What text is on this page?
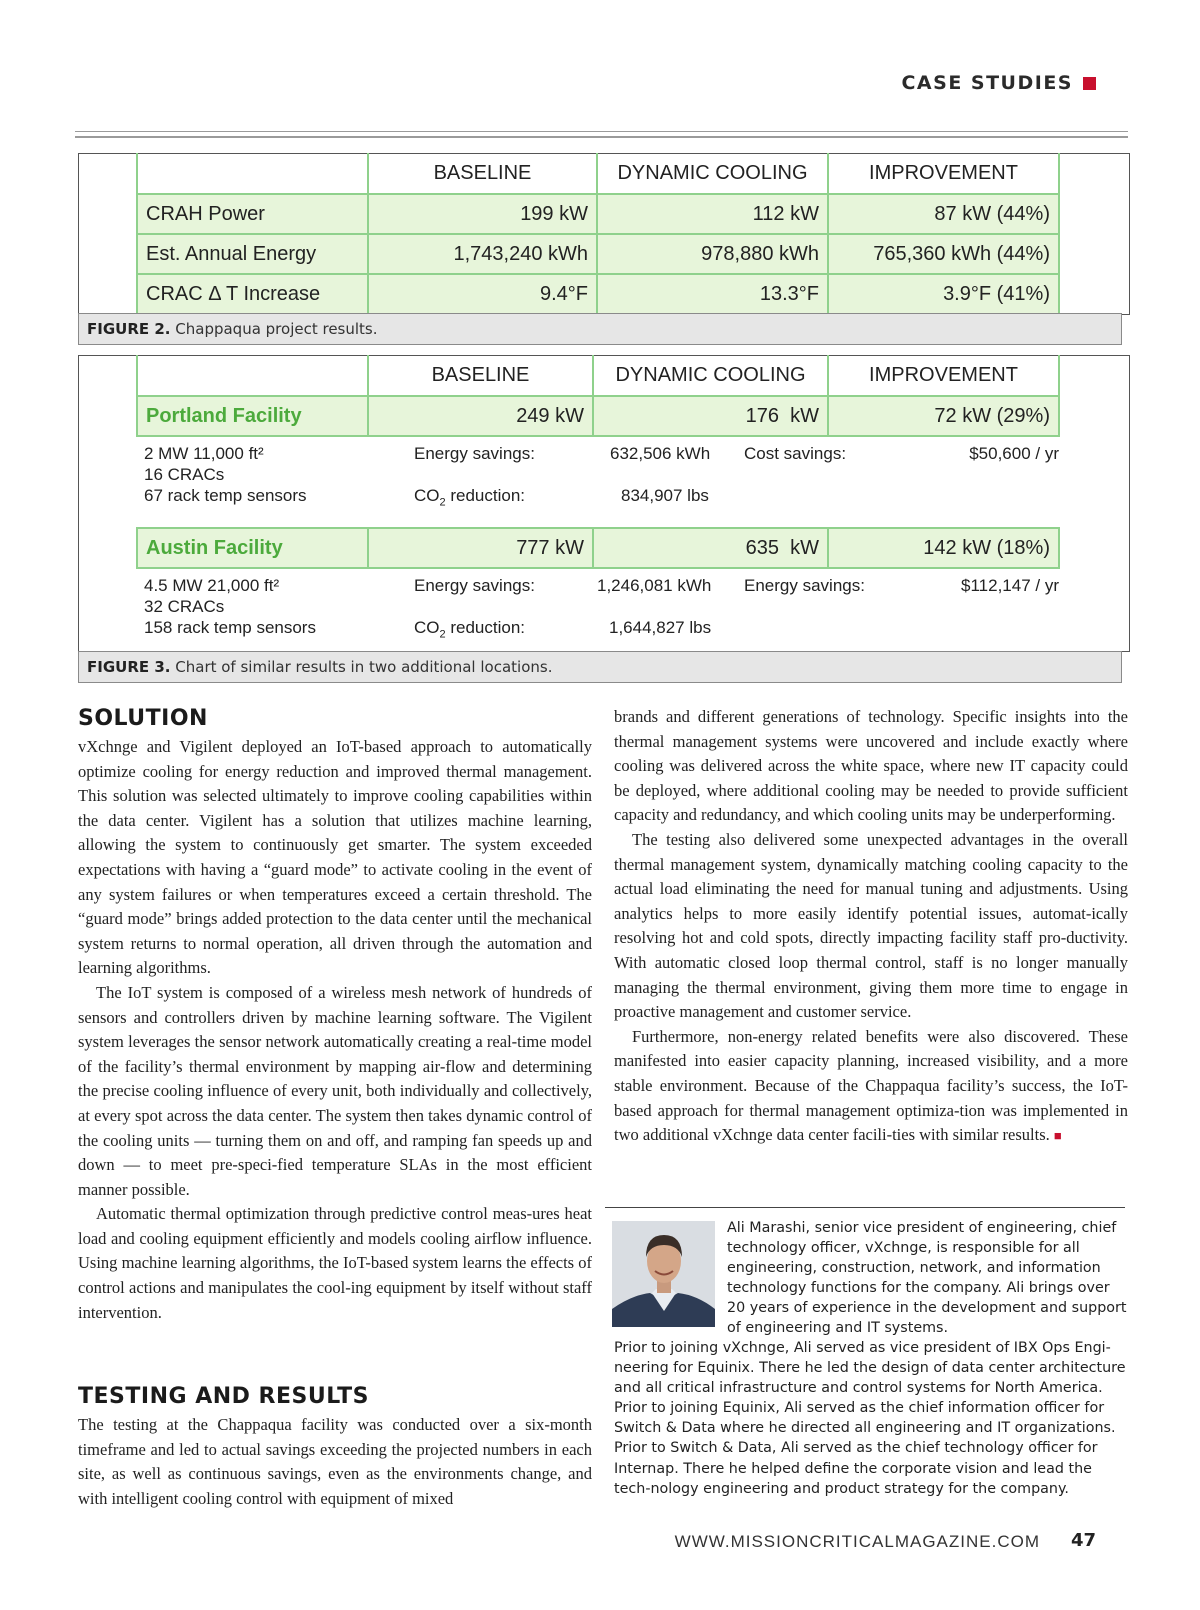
CASE STUDIES
BASELINE	DYNAMIC COOLING	IMPROVEMENT
CRAH Power	199 kW	112 kW	87 kW (44%)
Est. Annual Energy	1,743,240 kWh	978,880 kWh	765,360 kWh (44%)
CRAC Δ T Increase	9.4°F	13.3°F	3.9°F (41%)
FIGURE 2. Chappaqua project results.
BASELINE	DYNAMIC COOLING	IMPROVEMENT
Portland Facility	249 kW	176  kW	72 kW (29%)
2 MW 11,000 ft²
16 CRACs
67 rack temp sensors
Energy savings:	632,506 kWh Cost savings:	$50,600 / yr
$CO_2$ reduction:	834,907 lbs
Austin Facility	777 kW	635  kW	142 kW (18%)
4.5 MW 21,000 ft²
32 CRACs
158 rack temp sensors
Energy savings:	1,246,081 kWh Energy savings:	$112,147 / yr
$CO_2$ reduction:	1,644,827 lbs
FIGURE 3. Chart of similar results in two additional locations.
SOLUTION

vXchnge and Vigilent deployed an IoT-based approach to automatically optimize cooling for energy reduction and improved thermal management. This solution was selected ultimately to improve cooling capabilities within the data center. Vigilent has a solution that utilizes machine learning, allowing the system to continuously get smarter. The system exceeded expectations with having a “guard mode” to activate cooling in the event of any system failures or when temperatures exceed a certain threshold. The “guard mode” brings added protection to the data center until the mechanical system returns to normal operation, all driven through the automation and learning algorithms.

The IoT system is composed of a wireless mesh network of hundreds of sensors and controllers driven by machine learning software. The Vigilent system leverages the sensor network automatically creating a real-time model of the facility’s thermal environment by mapping air-flow and determining the precise cooling influence of every unit, both individually and collectively, at every spot across the data center. The system then takes dynamic control of the cooling units — turning them on and off, and ramping fan speeds up and down — to meet pre-speci-fied temperature SLAs in the most efficient manner possible.

Automatic thermal optimization through predictive control meas-ures heat load and cooling equipment efficiently and models cooling airflow influence. Using machine learning algorithms, the IoT-based system learns the effects of control actions and manipulates the cool-ing equipment by itself without staff intervention.

TESTING AND RESULTS

The testing at the Chappaqua facility was conducted over a six-month timeframe and led to actual savings exceeding the projected numbers in each site, as well as continuous savings, even as the environments change, and with intelligent cooling control with equipment of mixed

brands and different generations of technology. Specific insights into the thermal management systems were uncovered and include exactly where cooling was delivered across the white space, where new IT capacity could be deployed, where additional cooling may be needed to provide sufficient capacity and redundancy, and which cooling units may be underperforming.

The testing also delivered some unexpected advantages in the overall thermal management system, dynamically matching cooling capacity to the actual load eliminating the need for manual tuning and adjustments. Using analytics helps to more easily identify potential issues, automat-ically resolving hot and cold spots, directly impacting facility staff pro-ductivity. With automatic closed loop thermal control, staff is no longer manually managing the thermal environment, giving them more time to engage in proactive management and customer service.

Furthermore, non-energy related benefits were also discovered. These manifested into easier capacity planning, increased visibility, and a more stable environment. Because of the Chappaqua facility’s success, the IoT-based approach for thermal management optimiza-tion was implemented in two additional vXchnge data center facili-ties with similar results. ■

Ali Marashi, senior vice president of engineering, chief technology officer, vXchnge, is responsible for all engineering, construction, network, and information technology functions for the company. Ali brings over 20 years of experience in the development and support of engineering and IT systems.
Prior to joining vXchnge, Ali served as vice president of IBX Ops Engi-neering for Equinix. There he led the design of data center architecture and all critical infrastructure and control systems for North America. Prior to joining Equinix, Ali served as the chief information officer for Switch & Data where he directed all engineering and IT organizations. Prior to Switch & Data, Ali served as the chief technology officer for Internap. There he helped define the corporate vision and lead the tech-nology engineering and product strategy for the company.
WWW.MISSIONCRITICALMAGAZINE.COM 47
